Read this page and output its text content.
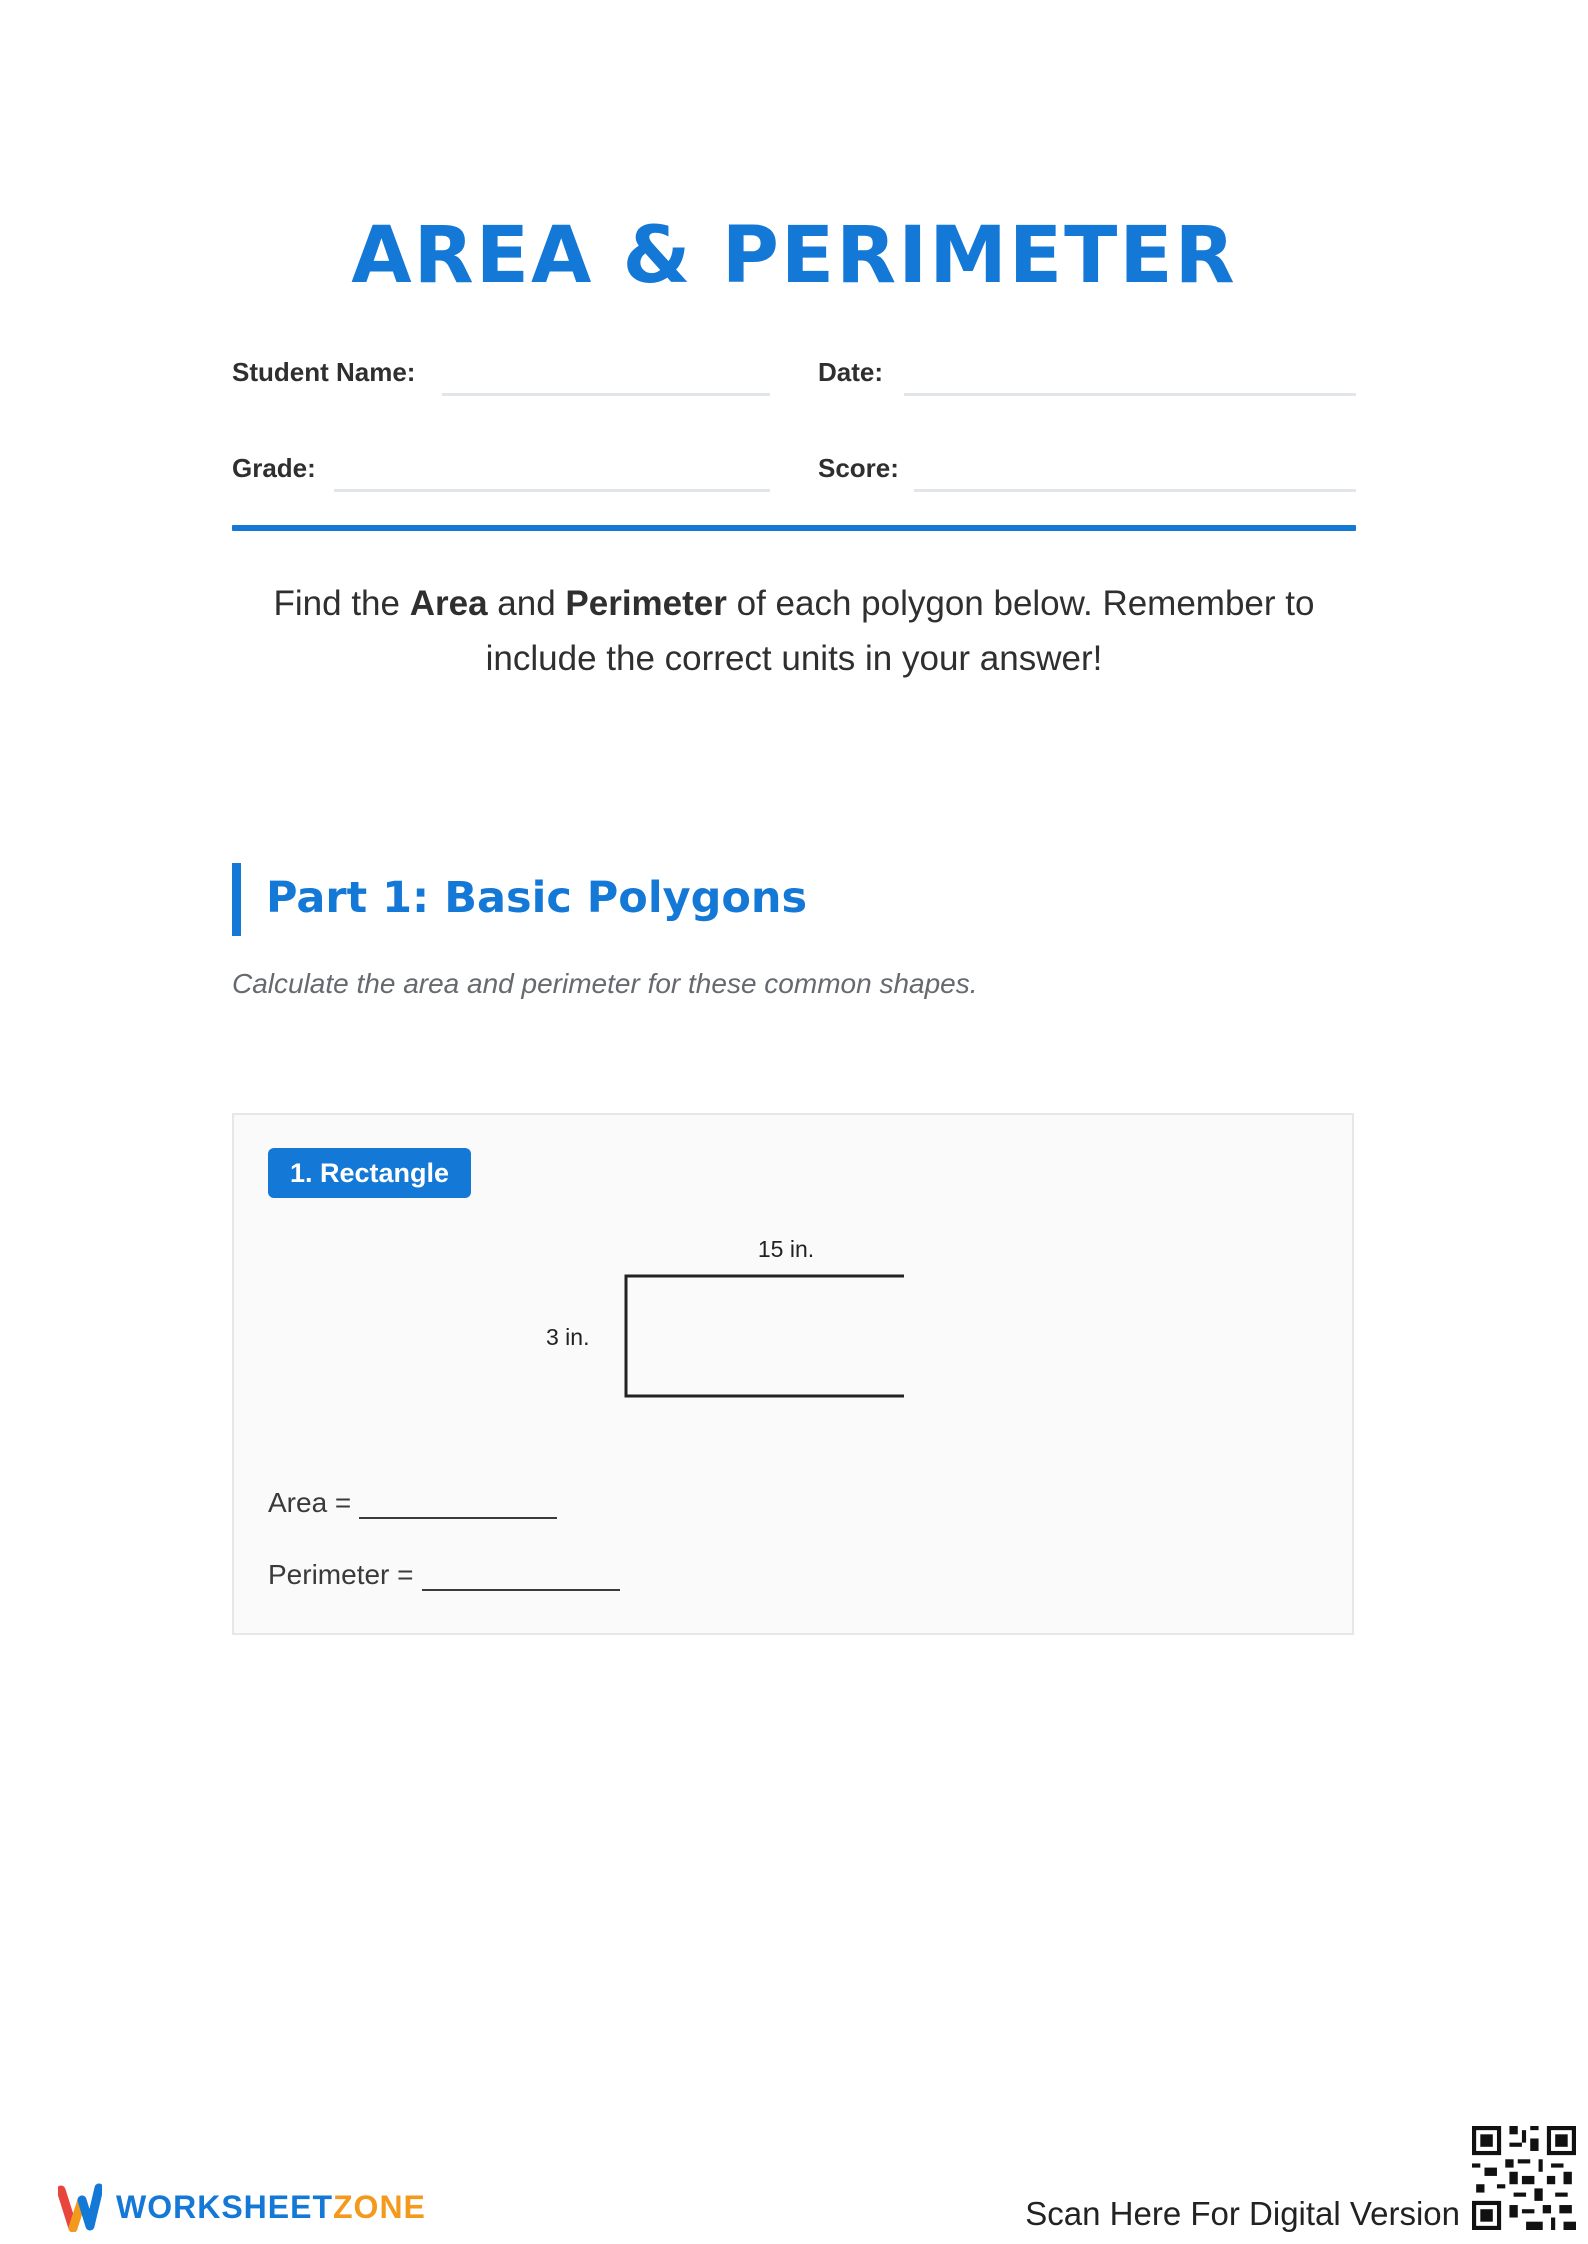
AREA & PERIMETER
Student Name:	Date:
Grade:	Score:
Find the Area and Perimeter of each polygon below. Remember to include the correct units in your answer!
Part 1: Basic Polygons
Calculate the area and perimeter for these common shapes.
1. Rectangle
15 in.
3 in.
Area =
Perimeter =
WORKSHEETZONE	Scan Here For Digital Version
